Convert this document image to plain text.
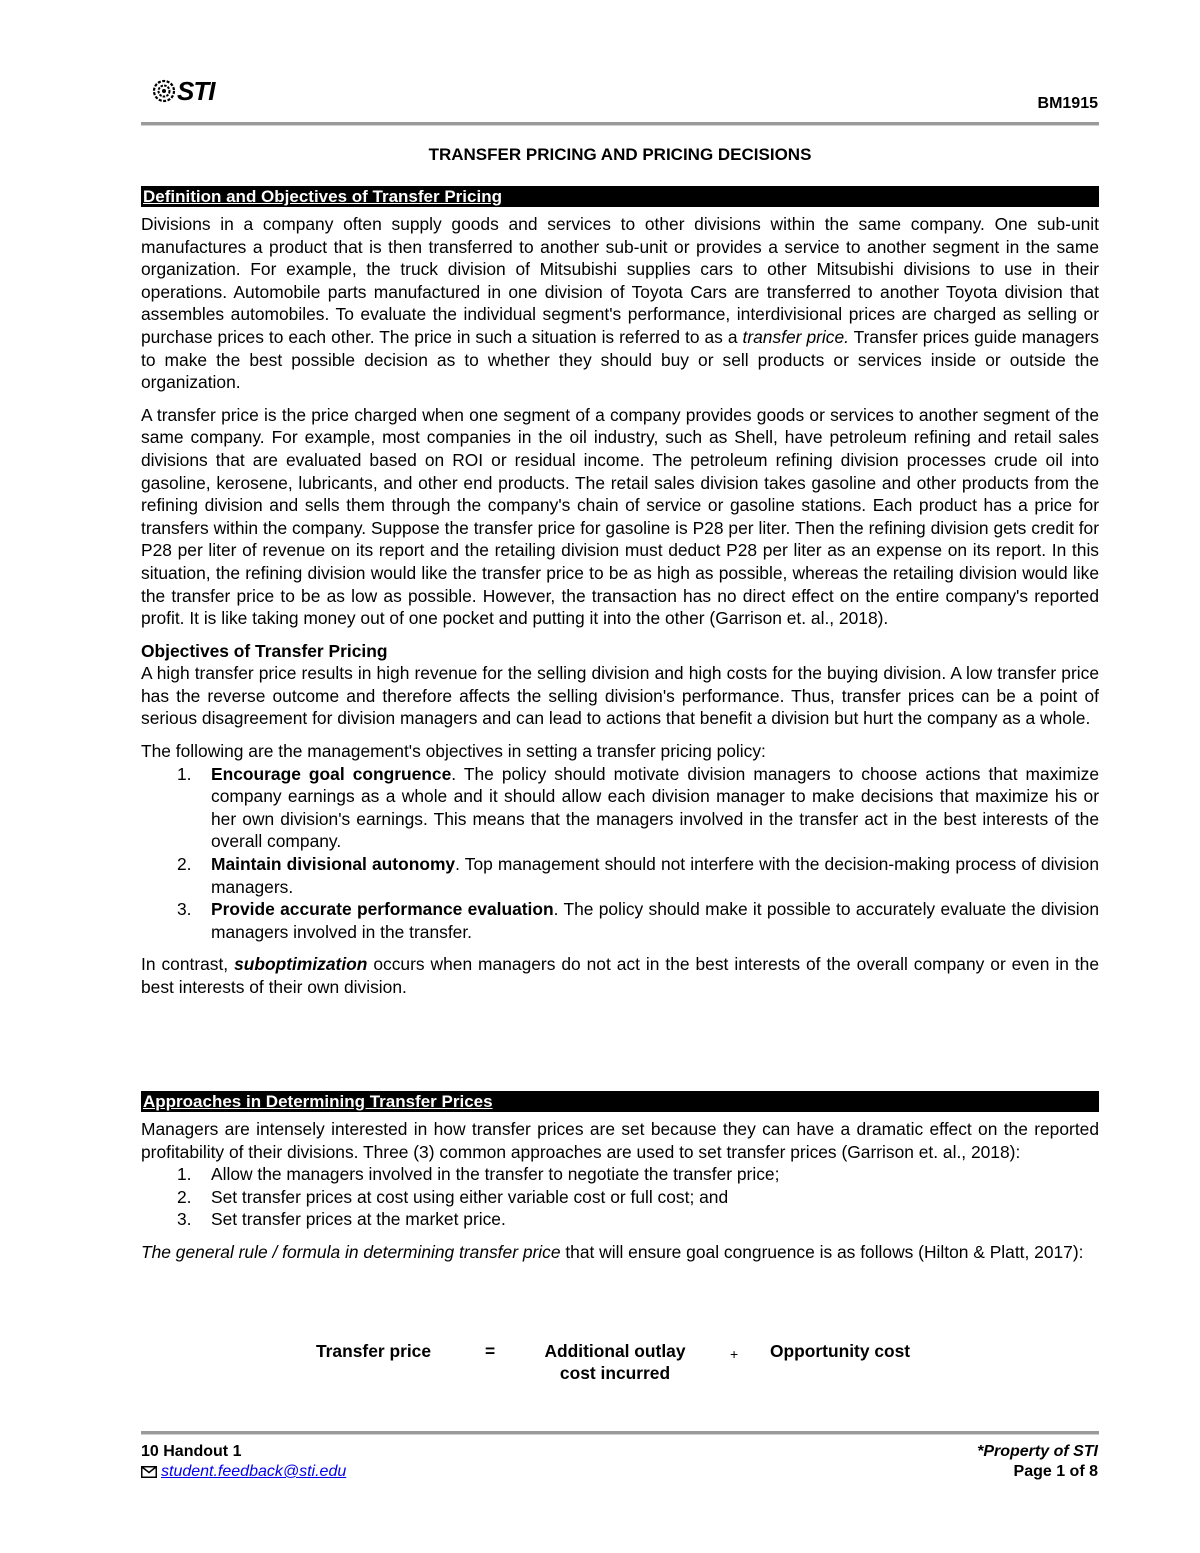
STI	BM1915
TRANSFER PRICING AND PRICING DECISIONS
Definition and Objectives of Transfer Pricing

Divisions in a company often supply goods and services to other divisions within the same company. One sub-unit manufactures a product that is then transferred to another sub-unit or provides a service to another segment in the same organization. For example, the truck division of Mitsubishi supplies cars to other Mitsubishi divisions to use in their operations. Automobile parts manufactured in one division of Toyota Cars are transferred to another Toyota division that assembles automobiles. To evaluate the individual segment's performance, interdivisional prices are charged as selling or purchase prices to each other. The price in such a situation is referred to as a transfer price. Transfer prices guide managers to make the best possible decision as to whether they should buy or sell products or services inside or outside the organization.

A transfer price is the price charged when one segment of a company provides goods or services to another segment of the same company. For example, most companies in the oil industry, such as Shell, have petroleum refining and retail sales divisions that are evaluated based on ROI or residual income. The petroleum refining division processes crude oil into gasoline, kerosene, lubricants, and other end products. The retail sales division takes gasoline and other products from the refining division and sells them through the company's chain of service or gasoline stations. Each product has a price for transfers within the company. Suppose the transfer price for gasoline is P28 per liter. Then the refining division gets credit for P28 per liter of revenue on its report and the retailing division must deduct P28 per liter as an expense on its report. In this situation, the refining division would like the transfer price to be as high as possible, whereas the retailing division would like the transfer price to be as low as possible. However, the transaction has no direct effect on the entire company's reported profit. It is like taking money out of one pocket and putting it into the other (Garrison et. al., 2018).

Objectives of Transfer Pricing

A high transfer price results in high revenue for the selling division and high costs for the buying division. A low transfer price has the reverse outcome and therefore affects the selling division's performance. Thus, transfer prices can be a point of serious disagreement for division managers and can lead to actions that benefit a division but hurt the company as a whole.

The following are the management's objectives in setting a transfer pricing policy:

1.	Encourage goal congruence. The policy should motivate division managers to choose actions that maximize company earnings as a whole and it should allow each division manager to make decisions that maximize his or her own division's earnings. This means that the managers involved in the transfer act in the best interests of the overall company.
2.	Maintain divisional autonomy. Top management should not interfere with the decision-making process of division managers.
3.	Provide accurate performance evaluation. The policy should make it possible to accurately evaluate the division managers involved in the transfer.

In contrast, suboptimization occurs when managers do not act in the best interests of the overall company or even in the best interests of their own division.

Approaches in Determining Transfer Prices

Managers are intensely interested in how transfer prices are set because they can have a dramatic effect on the reported profitability of their divisions. Three (3) common approaches are used to set transfer prices (Garrison et. al., 2018):

1.	Allow the managers involved in the transfer to negotiate the transfer price;
2.	Set transfer prices at cost using either variable cost or full cost; and
3.	Set transfer prices at the market price.

The general rule / formula in determining transfer price that will ensure goal congruence is as follows (Hilton & Platt, 2017):

Transfer price	=	Additional outlay
cost incurred
+ Opportunity cost
10 Handout 1
student.feedback@sti.edu
*Property of STI
Page 1 of 8
